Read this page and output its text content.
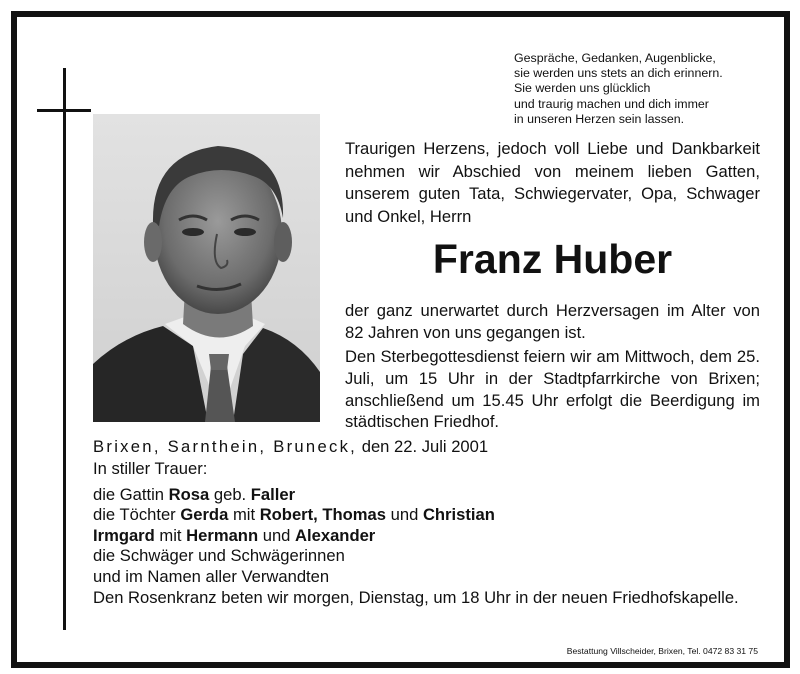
Gespräche, Gedanken, Augenblicke,
sie werden uns stets an dich erinnern.
Sie werden uns glücklich
und traurig machen und dich immer
in unseren Herzen sein lassen.
Traurigen Herzens, jedoch voll Liebe und Dankbarkeit nehmen wir Abschied von meinem lieben Gatten, unserem guten Tata, Schwiegervater, Opa, Schwager und Onkel, Herrn
Franz Huber
der ganz unerwartet durch Herzversagen im Alter von 82 Jahren von uns gegangen ist.
Den Sterbegottesdienst feiern wir am Mittwoch, dem 25. Juli, um 15 Uhr in der Stadtpfarrkirche von Brixen; anschließend um 15.45 Uhr erfolgt die Beerdigung im städtischen Friedhof.
Brixen, Sarnthein, Bruneck, den 22. Juli 2001
In stiller Trauer:
die Gattin Rosa geb. Faller
die Töchter Gerda mit Robert, Thomas und Christian
Irmgard mit Hermann und Alexander
die Schwäger und Schwägerinnen
und im Namen aller Verwandten
Den Rosenkranz beten wir morgen, Dienstag, um 18 Uhr in der neuen Friedhofskapelle.
Bestattung Villscheider, Brixen, Tel. 0472 83 31 75
